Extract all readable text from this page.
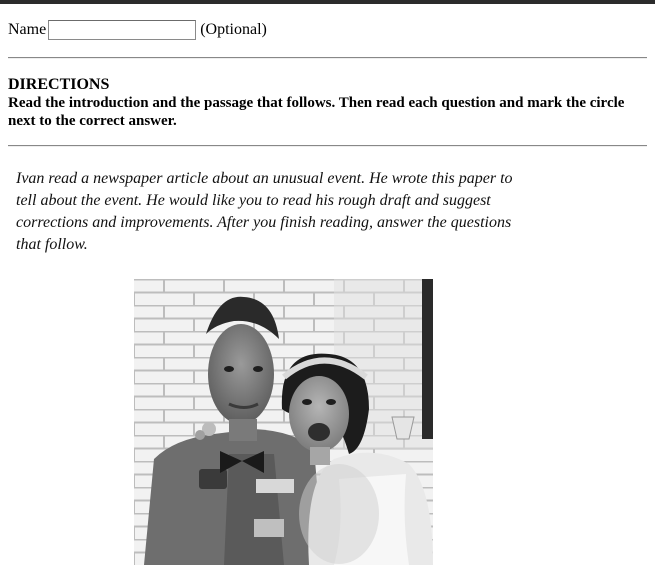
Name	(Optional)
DIRECTIONS
Read the introduction and the passage that follows. Then read each question and mark the circle next to the correct answer.
Ivan read a newspaper article about an unusual event. He wrote this paper to tell about the event. He would like you to read his rough draft and suggest corrections and improvements. After you finish reading, answer the questions that follow.
